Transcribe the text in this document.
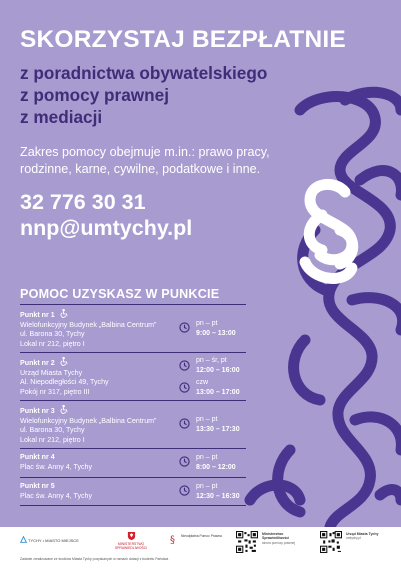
SKORZYSTAJ BEZPŁATNIE
z poradnictwa obywatelskiego
z pomocy prawnej
z mediacji
Zakres pomocy obejmuje m.in.: prawo pracy, rodzinne, karne, cywilne, podatkowe i inne.
32 776 30 31
nnp@umtychy.pl
POMOC UZYSKASZ W PUNKCIE
Punkt nr 1
Wielofunkcyjny Budynek „Balbina Centrum”
ul. Barona 30, Tychy
Lokal nr 212, piętro I
pn – pt
9:00 – 13:00
Punkt nr 2
Urząd Miasta Tychy
Al. Niepodległości 49, Tychy
Pokój nr 317, piętro III
pn – śr, pt
12:00 – 16:00
czw
13:00 – 17:00
Punkt nr 3
Wielofunkcyjny Budynek „Balbina Centrum”
ul. Barona 30, Tychy
Lokal nr 212, piętro I
pn – pt
13:30 – 17:30
Punkt nr 4
Plac św. Anny 4, Tychy
pn – pt
8:00 – 12:00
Punkt nr 5
Plac św. Anny 4, Tychy
pn – pt
12:30 – 16:30
TYCHY • MIASTO MIEJSCE
MINISTERSTWO SPRAWIEDLIWOŚCI
§	Nieodpłatna Pomoc Prawna	Ministerstwo Sprawiedliwości
strona pomocy prawnej
Urząd Miasta Tychy
umtychy.pl
Zadanie zrealizowane ze środków Miasta Tychy pozyskanych w ramach dotacji z budżetu Państwa
